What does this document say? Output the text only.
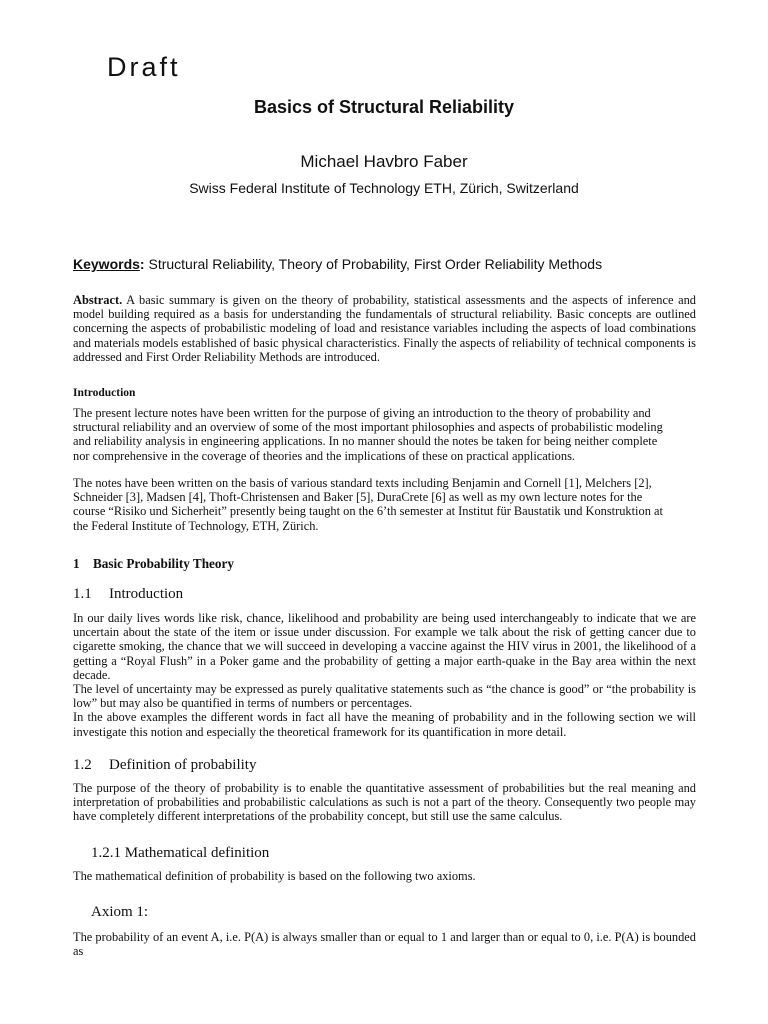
Draft
Basics of Structural Reliability
Michael Havbro Faber
Swiss Federal Institute of Technology ETH, Zürich, Switzerland
Keywords: Structural Reliability, Theory of Probability, First Order Reliability Methods
Abstract. A basic summary is given on the theory of probability, statistical assessments and the aspects of inference and model building required as a basis for understanding the fundamentals of structural reliability. Basic concepts are outlined concerning the aspects of probabilistic modeling of load and resistance variables including the aspects of load combinations and materials models established of basic physical characteristics. Finally the aspects of reliability of technical components is addressed and First Order Reliability Methods are introduced.
Introduction
The present lecture notes have been written for the purpose of giving an introduction to the theory of probability and
structural reliability and an overview of some of the most important philosophies and aspects of probabilistic modeling
and reliability analysis in engineering applications. In no manner should the notes be taken for being neither complete
nor comprehensive in the coverage of theories and the implications of these on practical applications.
The notes have been written on the basis of various standard texts including Benjamin and Cornell [1], Melchers [2],
Schneider [3], Madsen [4], Thoft-Christensen and Baker [5], DuraCrete [6] as well as my own lecture notes for the
course “Risiko und Sicherheit” presently being taught on the 6’th semester at Institut für Baustatik und Konstruktion at
the Federal Institute of Technology, ETH, Zürich.
1 Basic Probability Theory
1.1 Introduction
In our daily lives words like risk, chance, likelihood and probability are being used interchangeably to indicate that we are uncertain about the state of the item or issue under discussion. For example we talk about the risk of getting cancer due to cigarette smoking, the chance that we will succeed in developing a vaccine against the HIV virus in 2001, the likelihood of a getting a “Royal Flush” in a Poker game and the probability of getting a major earth-quake in the Bay area within the next decade.
The level of uncertainty may be expressed as purely qualitative statements such as “the chance is good” or “the probability is low” but may also be quantified in terms of numbers or percentages.
In the above examples the different words in fact all have the meaning of probability and in the following section we will investigate this notion and especially the theoretical framework for its quantification in more detail.
1.2 Definition of probability
The purpose of the theory of probability is to enable the quantitative assessment of probabilities but the real meaning and interpretation of probabilities and probabilistic calculations as such is not a part of the theory. Consequently two people may have completely different interpretations of the probability concept, but still use the same calculus.
1.2.1 Mathematical definition
The mathematical definition of probability is based on the following two axioms.
Axiom 1:
The probability of an event A, i.e. P(A) is always smaller than or equal to 1 and larger than or equal to 0, i.e. P(A) is bounded as
